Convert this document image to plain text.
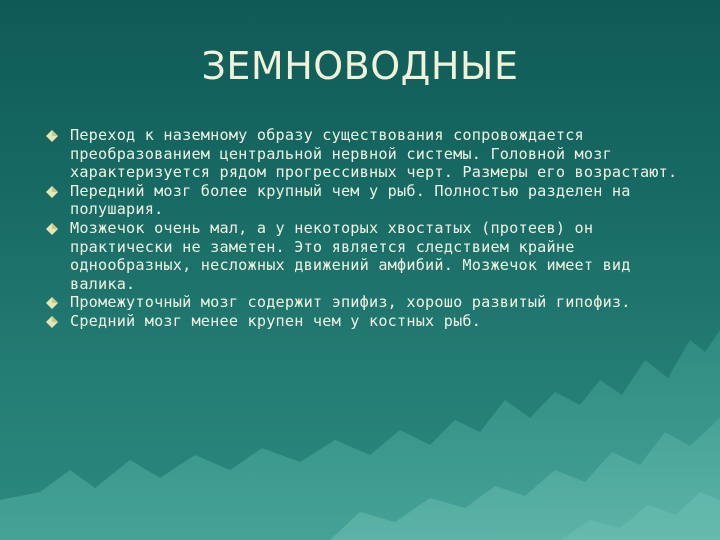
ЗЕМНОВОДНЫЕ
Переход к наземному образу существования сопровождается преобразованием центральной нервной системы. Головной мозг характеризуется рядом прогрессивных черт. Размеры его возрастают.
Передний мозг более крупный чем у рыб. Полностью разделен на полушария.
Мозжечок очень мал, а у некоторых хвостатых (протеев) он практически не заметен. Это является следствием крайне однообразных, несложных движений амфибий. Мозжечок имеет вид валика.
Промежуточный мозг содержит эпифиз, хорошо развитый гипофиз.
Средний мозг менее крупен чем у костных рыб.
